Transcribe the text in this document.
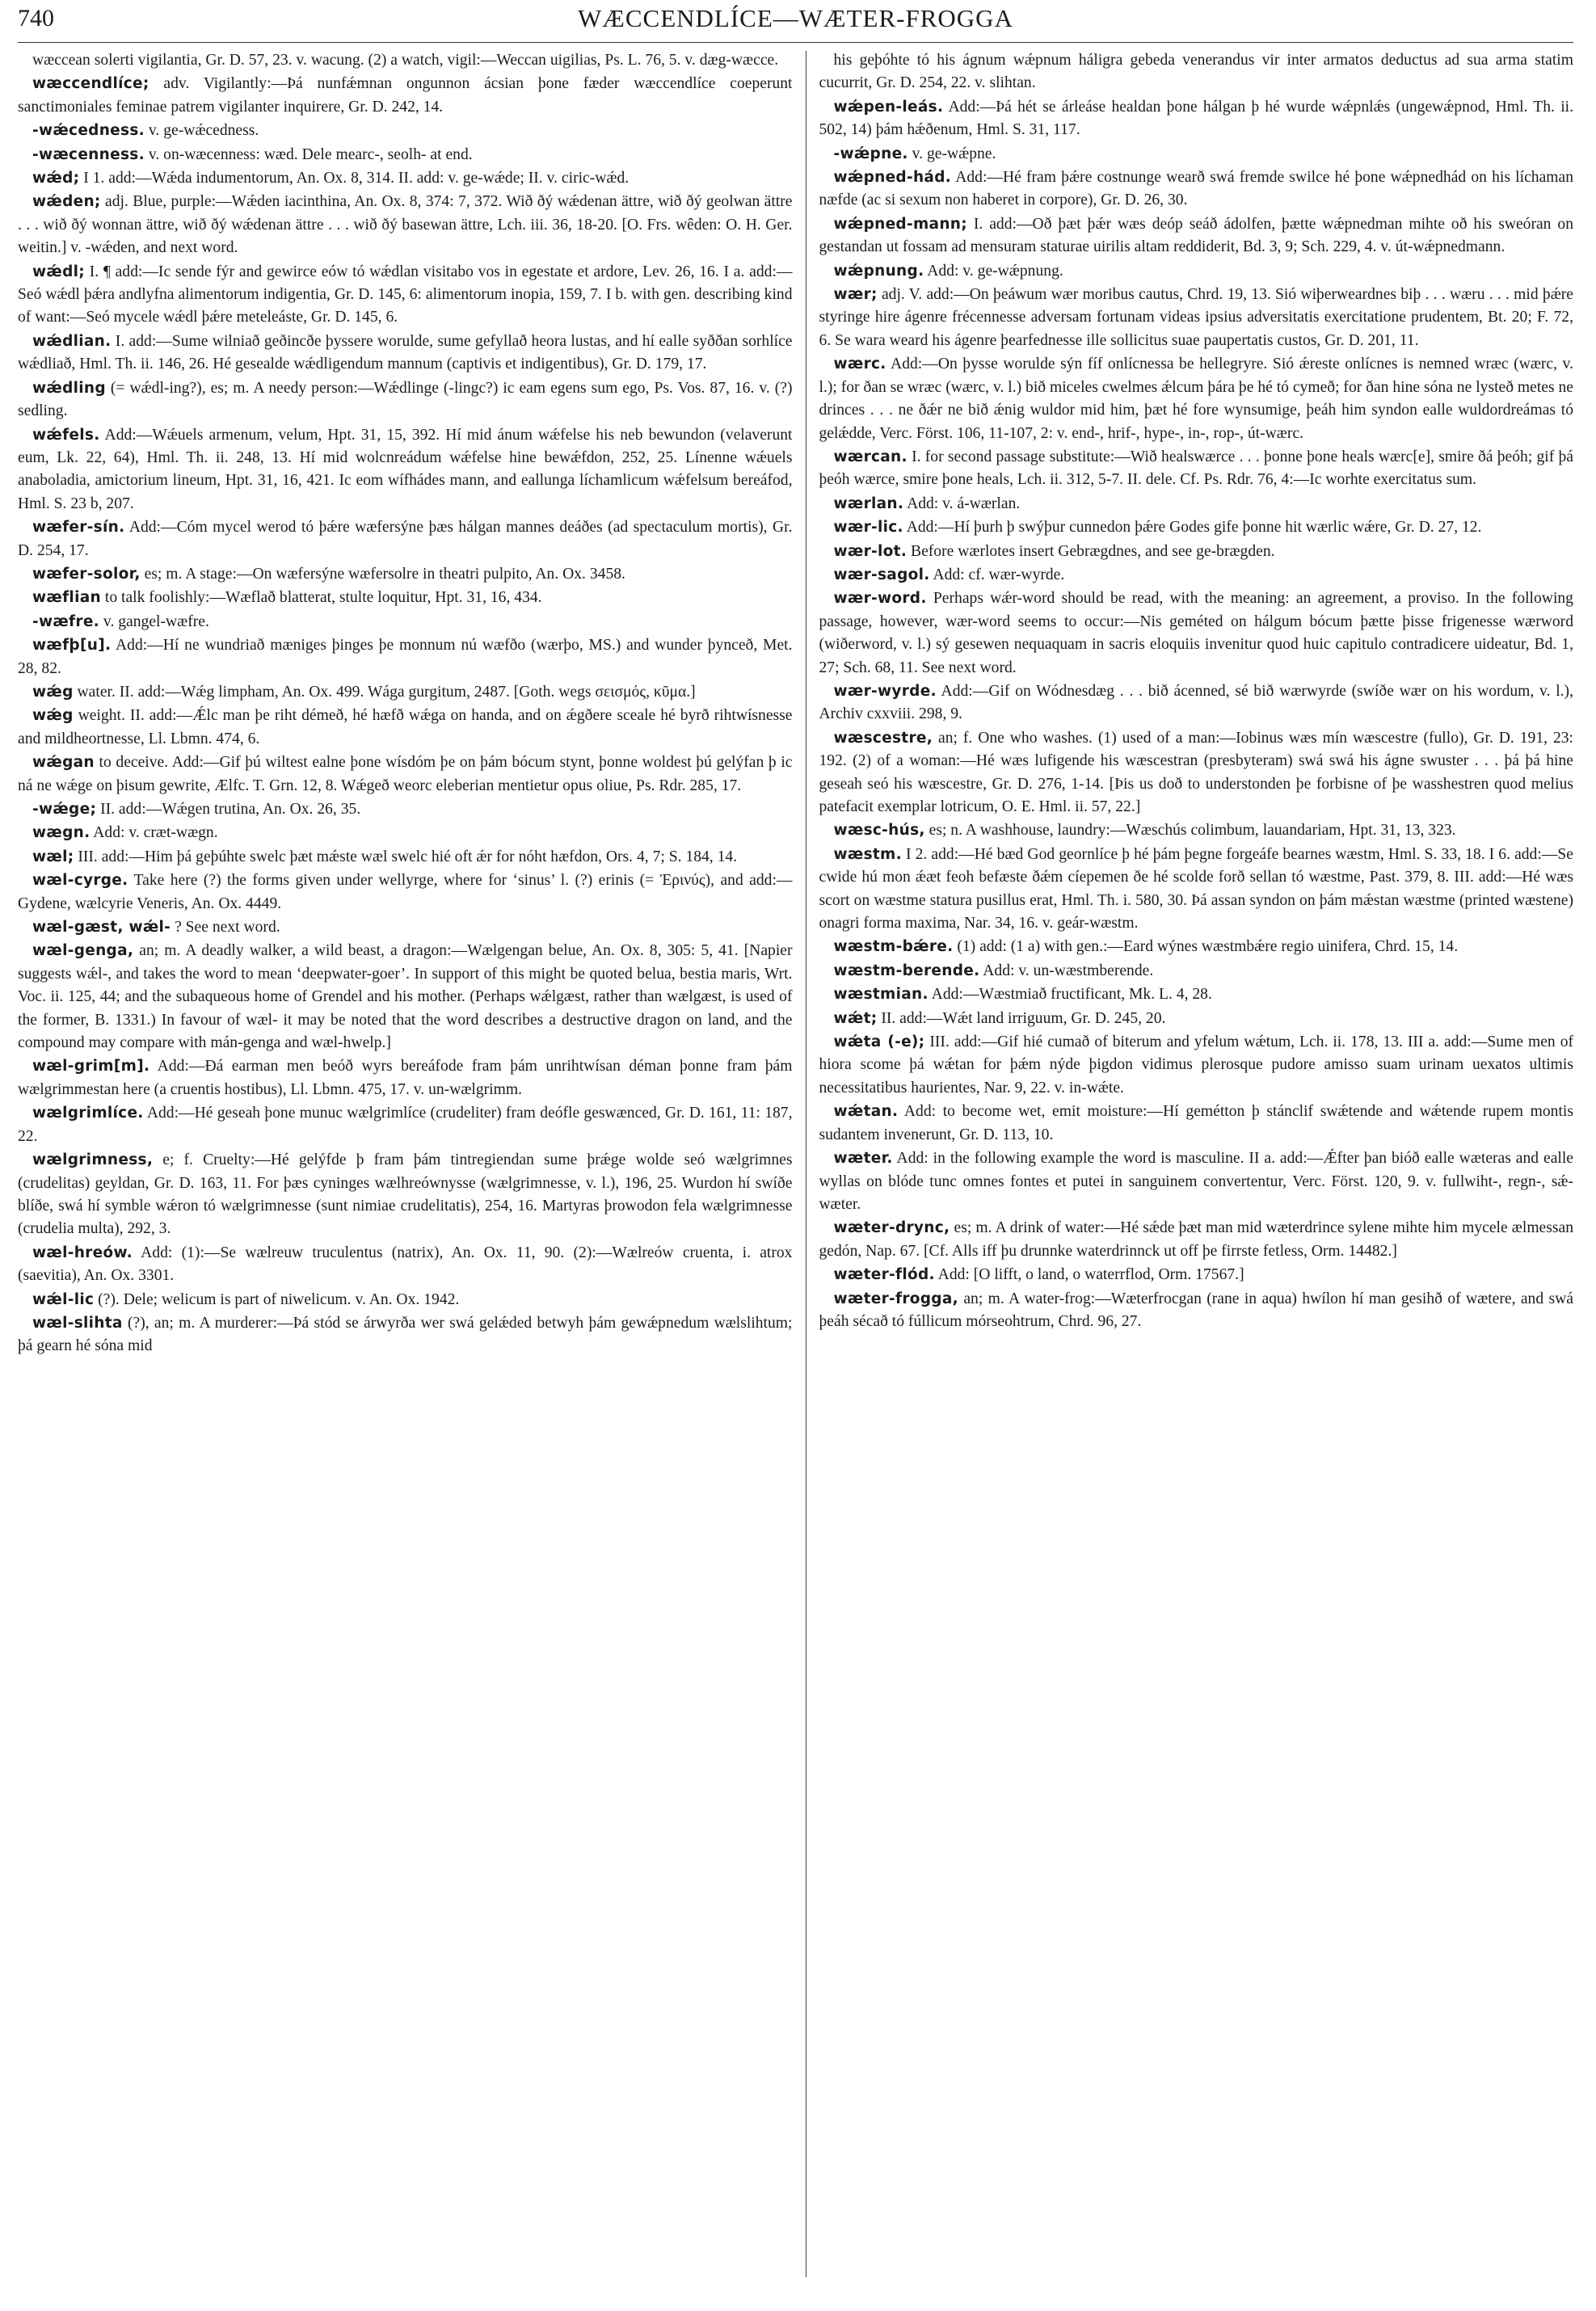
740	WÆCCENDLÍCE—WÆTER-FROGGA

wæccean solerti vigilantia, Gr. D. 57, 23. v. wacung. (2) a watch, vigil:—Weccan uigilias, Ps. L. 76, 5. v. dæg-wæcce.

wæccendlíce; adv. Vigilantly:—Þá nunfǽmnan ongunnon ácsian þone fæder wæccendlíce coeperunt sanctimoniales feminae patrem vigilanter inquirere, Gr. D. 242, 14.

-wǽcedness. v. ge-wǽcedness.

-wæcenness. v. on-wæcenness: wæd. Dele mearc-, seolh- at end.

wǽd; I 1. add:—Wǽda indumentorum, An. Ox. 8, 314. II. add: v. ge-wǽde; II. v. ciric-wǽd.

wǽden; adj. Blue, purple:—Wǽden iacinthina, An. Ox. 8, 374: 7, 372. Wið ðý wǽdenan ättre, wið ðý geolwan ättre . . . wið ðý wonnan ättre, wið ðý wǽdenan ättre . . . wið ðý basewan ättre, Lch. iii. 36, 18-20. [O. Frs. wêden: O. H. Ger. weitin.] v. -wǽden, and next word.

wǽdl; I. ¶ add:—Ic sende fýr and gewirce eów tó wǽdlan visitabo vos in egestate et ardore, Lev. 26, 16. I a. add:—Seó wǽdl þǽra andlyfna alimentorum indigentia, Gr. D. 145, 6: alimentorum inopia, 159, 7. I b. with gen. describing kind of want:—Seó mycele wǽdl þǽre meteleáste, Gr. D. 145, 6.

wǽdlian. I. add:—Sume wilniað geðincðe þyssere woruldе, sume gefyllað heora lustas, and hí ealle syððan sorhlíce wǽdliað, Hml. Th. ii. 146, 26. Hé gesealde wǽdligendum mannum (captivis et indigentibus), Gr. D. 179, 17.

wǽdling (= wǽdl-ing?), es; m. A needy person:—Wǽdlinge (-lingc?) ic eam egens sum ego, Ps. Vos. 87, 16. v. (?) sedling.

wǽfels. Add:—Wǽuels armenum, velum, Hpt. 31, 15, 392. Hí mid ánum wǽfelse his neb bewundon (velaverunt eum, Lk. 22, 64), Hml. Th. ii. 248, 13. Hí mid wolcnreádum wǽfelse hine bewǽfdon, 252, 25. Línenne wǽuels anaboladia, amictorium lineum, Hpt. 31, 16, 421. Ic eom wífhádes mann, and eallunga líchamlicum wǽfelsum bereáfod, Hml. S. 23 b, 207.

wæfer-sín. Add:—Cóm mycel werod tó þǽre wæfersýne þæs hálgan mannes deáðes (ad spectaculum mortis), Gr. D. 254, 17.

wæfer-solor, es; m. A stage:—On wæfersýne wæfersolre in theatri pulpito, An. Ox. 3458.

wæflian to talk foolishly:—Wæflað blatterat, stulte loquitur, Hpt. 31, 16, 434.

-wæfre. v. gangel-wæfre.

wæfþ[u]. Add:—Hí ne wundriað mæniges þinges þe monnum nú wæfðo (wærþo, MS.) and wunder þynceð, Met. 28, 82.

wǽg water. II. add:—Wǽg limpham, An. Ox. 499. Wága gurgitum, 2487. [Goth. wegs σεισμός, κῦμα.]

wǽg weight. II. add:—Ǽlc man þe riht démeð, hé hæfð wǽga on handa, and on ǽgðere sceale hé byrð rihtwísnesse and mildheortnesse, Ll. Lbmn. 474, 6.

wǽgan to deceive. Add:—Gif þú wiltest ealne þone wísdóm þe on þám bócum stynt, þonne woldest þú gelýfan þ ic ná ne wǽge on þisum gewrite, Ælfc. T. Grn. 12, 8. Wǽgeð weorc eleberian mentietur opus oliue, Ps. Rdr. 285, 17.

-wǽge; II. add:—Wǽgen trutina, An. Ox. 26, 35.

wægn. Add: v. cræt-wægn.

wæl; III. add:—Him þá geþúhte swelc þæt mǽste wæl swelc hié oft ǽr for nóht hæfdon, Ors. 4, 7; S. 184, 14.

wæl-cyrge. Take here (?) the forms given under wellyrge, where for ‘sinus’ l. (?) erinis (= Ἐρινύς), and add:—Gydene, wælcyrie Veneris, An. Ox. 4449.

wæl-gæst, wǽl- ? See next word.

wæl-genga, an; m. A deadly walker, a wild beast, a dragon:—Wælgengan belue, An. Ox. 8, 305: 5, 41. [Napier suggests wǽl-, and takes the word to mean ‘deepwater-goer’. In support of this might be quoted belua, bestia maris, Wrt. Voc. ii. 125, 44; and the subaqueous home of Grendel and his mother. (Perhaps wǽlgæst, rather than wælgæst, is used of the former, B. 1331.) In favour of wæl- it may be noted that the word describes a destructive dragon on land, and the compound may compare with mán-genga and wæl-hwelp.]

wæl-grim[m]. Add:—Ðá earman men beóð wyrs bereáfode fram þám unrihtwísan déman þonne fram þám wælgrimmestan here (a cruentis hostibus), Ll. Lbmn. 475, 17. v. un-wælgrimm.

wælgrimlíce. Add:—Hé geseah þone munuc wælgrimlíce (crudeliter) fram deófle geswænced, Gr. D. 161, 11: 187, 22.

wælgrimness, e; f. Cruelty:—Hé gelýfde þ fram þám tintregiendan sume þrǽge wolde seó wælgrimnes (crudelitas) geyldan, Gr. D. 163, 11. For þæs cyninges wælhreównysse (wælgrimnesse, v. l.), 196, 25. Wurdon hí swíðe blíðe, swá hí symble wǽron tó wælgrimnesse (sunt nimiae crudelitatis), 254, 16. Martyras þrowodon fela wælgrimnesse (crudelia multa), 292, 3.

wæl-hreów. Add: (1):—Se wælreuw truculentus (natrix), An. Ox. 11, 90. (2):—Wælreów cruenta, i. atrox (saevitia), An. Ox. 3301.

wǽl-lic (?). Dele; welicum is part of niwelicum. v. An. Ox. 1942.

wæl-slihta (?), an; m. A murderer:—Þá stód se árwyrða wer swá gelǽded betwyh þám gewǽpnedum wælslihtum; þá gearn hé sóna mid

his geþóhte tó his ágnum wǽpnum háligra gebeda venerandus vir inter armatos deductus ad sua arma statim cucurrit, Gr. D. 254, 22. v. slihtan.

wǽpen-leás. Add:—Þá hét se árleáse healdan þone hálgan þ hé wurde wǽpnlǽs (ungewǽpnod, Hml. Th. ii. 502, 14) þám hǽðenum, Hml. S. 31, 117.

-wǽpne. v. ge-wǽpne.

wǽpned-hád. Add:—Hé fram þǽre costnunge wearð swá fremde swilce hé þone wǽpnedhád on his líchaman næfde (ac si sexum non haberet in corpore), Gr. D. 26, 30.

wǽpned-mann; I. add:—Oð þæt þǽr wæs deóp seáð ádolfen, þætte wǽpnedman mihte oð his sweóran on gestandan ut fossam ad mensuram staturae uirilis altam reddiderit, Bd. 3, 9; Sch. 229, 4. v. út-wǽpnedmann.

wǽpnung. Add: v. ge-wǽpnung.

wær; adj. V. add:—On þeáwum wær moribus cautus, Chrd. 19, 13. Sió wiþerweardnes biþ . . . wæru . . . mid þǽre styringe hire ágenre frécennesse adversam fortunam videas ipsius adversitatis exercitatione prudentem, Bt. 20; F. 72, 6. Se wara weard his ágenre þearfednesse ille sollicitus suae paupertatis custos, Gr. D. 201, 11.

wærc. Add:—On þysse woruldе sýn fíf onlícnessa be hellegryre. Sió ǽreste onlícnes is nemned wræc (wærc, v. l.); for ðan se wræc (wærc, v. l.) bið miceles cwelmes ǽlcum þára þe hé tó cymeð; for ðan hine sóna ne lysteð metes ne drinces . . . ne ðǽr ne bið ǽnig wuldor mid him, þæt hé fore wynsumige, þeáh him syndon ealle wuldordreámas tó gelǽdde, Verc. Först. 106, 11-107, 2: v. end-, hrif-, hype-, in-, rop-, út-wærc.

wærcan. I. for second passage substitute:—Wið healswærce . . . þonne þone heals wærc[e], smire ðá þeóh; gif þá þeóh wærce, smire þone heals, Lch. ii. 312, 5-7. II. dele. Cf. Ps. Rdr. 76, 4:—Ic worhte exercitatus sum.

wærlan. Add: v. á-wærlan.

wær-lic. Add:—Hí þurh þ swýþur cunnedon þǽre Godes gife þonne hit wærlic wǽre, Gr. D. 27, 12.

wær-lot. Before wærlotes insert Gebrægdnes, and see ge-brægden.

wær-sagol. Add: cf. wær-wyrde.

wær-word. Perhaps wǽr-word should be read, with the meaning: an agreement, a proviso. In the following passage, however, wær-word seems to occur:—Nis geméted on hálgum bócum þætte þisse frigenesse wærword (wiðerword, v. l.) sý gesewen nequaquam in sacris eloquiis invenitur quod huic capitulo contradicere uideatur, Bd. 1, 27; Sch. 68, 11. See next word.

wær-wyrde. Add:—Gif on Wódnesdæg . . . bið ácenned, sé bið wærwyrde (swíðe wær on his wordum, v. l.), Archiv cxxviii. 298, 9.

wæscestre, an; f. One who washes. (1) used of a man:—Iobinus wæs mín wæscestre (fullo), Gr. D. 191, 23: 192. (2) of a woman:—Hé wæs lufigende his wæscestran (presbyteram) swá swá his ágne swuster . . . þá þá hine geseah seó his wæscestre, Gr. D. 276, 1-14. [Þis us doð to understonden þe forbisne of þe wasshestren quod melius patefacit exemplar lotricum, O. E. Hml. ii. 57, 22.]

wæsc-hús, es; n. A washhouse, laundry:—Wæschús colimbum, lauandariam, Hpt. 31, 13, 323.

wæstm. I 2. add:—Hé bæd God geornlíce þ hé þám þegne forgeáfe bearnes wæstm, Hml. S. 33, 18. I 6. add:—Se cwide hú mon ǽæt feoh befæste ðǽm cíepemen ðe hé scolde forð sellan tó wæstme, Past. 379, 8. III. add:—Hé wæs scort on wæstme statura pusillus erat, Hml. Th. i. 580, 30. Þá assan syndon on þám mǽstan wæstme (printed wæstene) onagri forma maxima, Nar. 34, 16. v. geár-wæstm.

wæstm-bǽre. (1) add: (1 a) with gen.:—Eard wýnes wæstmbǽre regio uinifera, Chrd. 15, 14.

wæstm-berende. Add: v. un-wæstmberende.

wæstmian. Add:—Wæstmiað fructificant, Mk. L. 4, 28.

wǽt; II. add:—Wǽt land irriguum, Gr. D. 245, 20.

wǽta (-e); III. add:—Gif hié cumað of biterum and yfelum wǽtum, Lch. ii. 178, 13. III a. add:—Sume men of hiora scome þá wǽtan for þǽm nýde þigdon vidimus plerosque pudore amisso suam urinam uexatos ultimis necessitatibus haurientes, Nar. 9, 22. v. in-wǽte.

wǽtan. Add: to become wet, emit moisture:—Hí gemétton þ stánclif swǽtende and wǽtende rupem montis sudantem invenerunt, Gr. D. 113, 10.

wæter. Add: in the following example the word is masculine. II a. add:—Ǽfter þan bióð ealle wæteras and ealle wyllas on blóde tunc omnes fontes et putei in sanguinem convertentur, Verc. Först. 120, 9. v. fullwiht-, regn-, sǽ-wæter.

wæter-drync, es; m. A drink of water:—Hé sǽde þæt man mid wæterdrincе sylene mihte him mycele ælmessan gedón, Nap. 67. [Cf. Alls iff þu drunnke waterdrinnck ut off þe firrste fetless, Orm. 14482.]

wæter-flód. Add: [O lifft, o land, o waterrflod, Orm. 17567.]

wæter-frogga, an; m. A water-frog:—Wæterfrocgan (rane in aqua) hwílon hí man gesihð of wætere, and swá þeáh sécað tó fúllicum mórseohtrum, Chrd. 96, 27.
